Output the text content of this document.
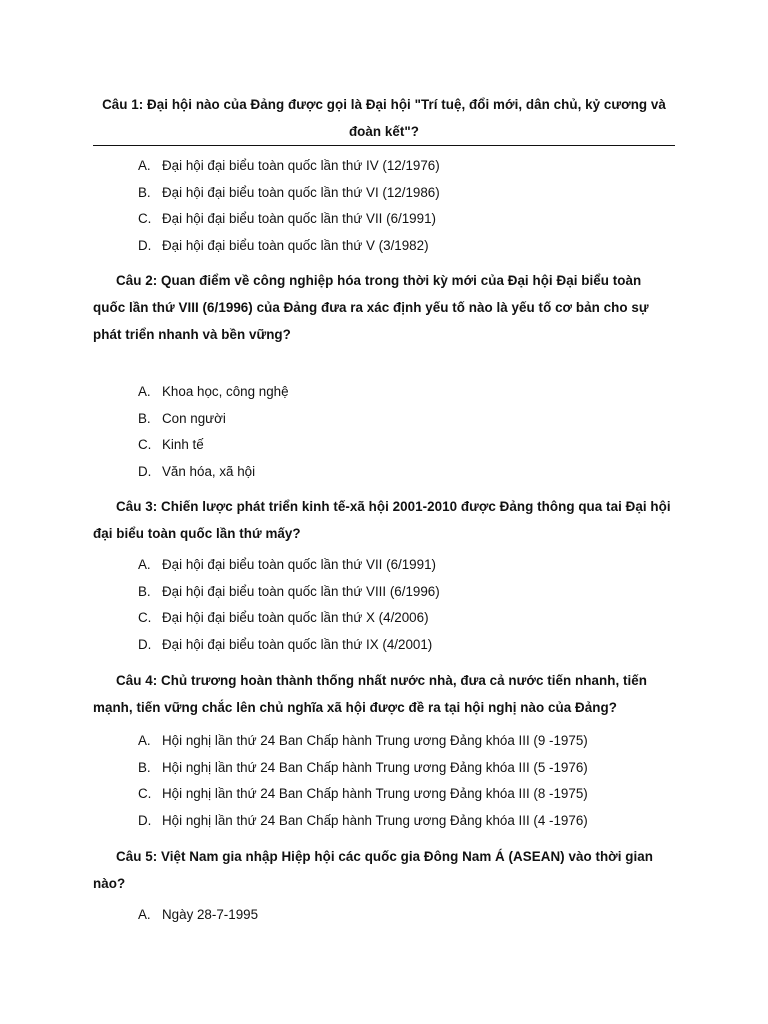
Câu 1: Đại hội nào của Đảng được gọi là Đại hội "Trí tuệ, đổi mới, dân chủ, kỷ cương và đoàn kết"?
A. Đại hội đại biểu toàn quốc lần thứ IV (12/1976)
B. Đại hội đại biểu toàn quốc lần thứ VI (12/1986)
C. Đại hội đại biểu toàn quốc lần thứ VII (6/1991)
D. Đại hội đại biểu toàn quốc lần thứ V (3/1982)
Câu 2: Quan điểm về công nghiệp hóa trong thời kỳ mới của Đại hội Đại biểu toàn quốc lần thứ VIII (6/1996) của Đảng đưa ra xác định yếu tố nào là yếu tố cơ bản cho sự phát triển nhanh và bền vững?
A. Khoa học, công nghệ
B. Con người
C. Kinh tế
D. Văn hóa, xã hội
Câu 3: Chiến lược phát triển kinh tế-xã hội 2001-2010 được Đảng thông qua tai Đại hội đại biểu toàn quốc lần thứ mấy?
A. Đại hội đại biểu toàn quốc lần thứ VII (6/1991)
B. Đại hội đại biểu toàn quốc lần thứ VIII (6/1996)
C. Đại hội đại biểu toàn quốc lần thứ X (4/2006)
D. Đại hội đại biểu toàn quốc lần thứ IX (4/2001)
Câu 4: Chủ trương hoàn thành thống nhất nước nhà, đưa cả nước tiến nhanh, tiến mạnh, tiến vững chắc lên chủ nghĩa xã hội được đề ra tại hội nghị nào của Đảng?
A. Hội nghị lần thứ 24 Ban Chấp hành Trung ương Đảng khóa III (9 -1975)
B. Hội nghị lần thứ 24 Ban Chấp hành Trung ương Đảng khóa III (5 -1976)
C. Hội nghị lần thứ 24 Ban Chấp hành Trung ương Đảng khóa III (8 -1975)
D. Hội nghị lần thứ 24 Ban Chấp hành Trung ương Đảng khóa III (4 -1976)
Câu 5: Việt Nam gia nhập Hiệp hội các quốc gia Đông Nam Á (ASEAN) vào thời gian nào?
A. Ngày 28-7-1995
